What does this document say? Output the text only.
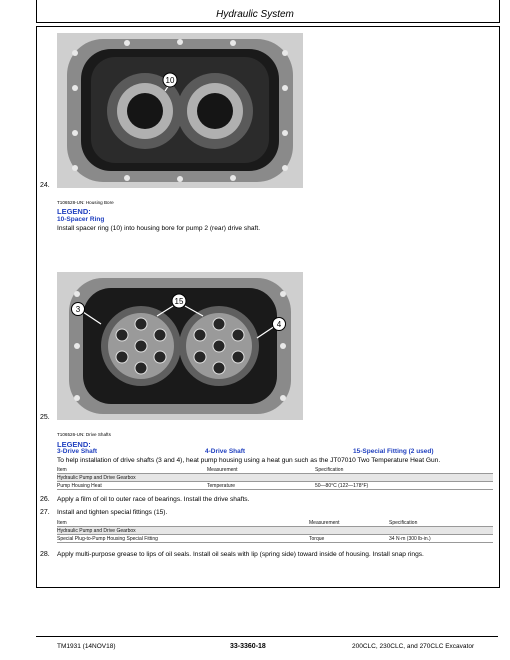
Hydraulic System
10
24.
T106528-UN: Housing Bore
LEGEND:
10-Spacer Ring
Install spacer ring (10) into housing bore for pump 2 (rear) drive shaft.
15
3
4
25.
T106526-UN: Drive Shafts
LEGEND:
3-Drive Shaft	4-Drive Shaft	15-Special Fitting (2 used)
To help installation of drive shafts (3 and 4), heat pump housing using a heat gun such as the JT07010 Two Temperature Heat Gun.
Item	Measurement	Specification
Hydraulic Pump and Drive Gearbox
Pump Housing Heat	Temperature	50—80°C (122—178°F)
26. Apply a film of oil to outer race of bearings. Install the drive shafts.
27. Install and tighten special fittings (15).
Item	Measurement	Specification
Hydraulic Pump and Drive Gearbox
Special Plug-to-Pump Housing Special Fitting	Torque	34 N·m (300 lb-in.)
28. Apply multi-purpose grease to lips of oil seals. Install oil seals with lip (spring side) toward inside of housing. Install snap rings.
TM1931 (14NOV18)	33-3360-18	200CLC, 230CLC, and 270CLC Excavator
